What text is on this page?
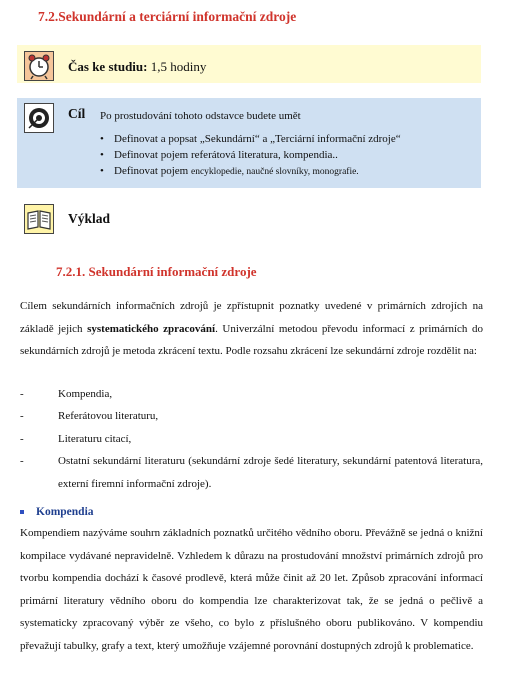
7.2.Sekundární a terciární informační zdroje
Čas ke studiu: 1,5 hodiny
Cíl Po prostudování tohoto odstavce budete umět
• Definovat a popsat „Sekundární“ a „Terciární informační zdroje“
• Definovat pojem referátová literatura, kompendia..
• Definovat pojem encyklopedie, naučné slovníky, monografie.
Výklad
7.2.1. Sekundární informační zdroje
Cílem sekundárních informačních zdrojů je zpřístupnit poznatky uvedené v primárních zdrojích na základě jejich systematického zpracování. Univerzální metodou převodu informací z primárních do sekundárních zdrojů je metoda zkrácení textu. Podle rozsahu zkrácení lze sekundární zdroje rozdělit na:
-	Kompendia,
-	Referátovou literaturu,
-	Literaturu citací,
-	Ostatní sekundární literaturu (sekundární zdroje šedé literatury, sekundární patentová literatura, externí firemní informační zdroje).
Kompendia
Kompendiem nazýváme souhrn základních poznatků určitého vědního oboru. Převážně se jedná o knižní kompilace vydávané nepravidelně. Vzhledem k důrazu na prostudování množství primárních zdrojů pro tvorbu kompendia dochází k časové prodlevě, která může činit až 20 let. Způsob zpracování informací primární literatury vědního oboru do kompendia lze charakterizovat tak, že se jedná o pečlivě a systematicky zpracovaný výběr ze všeho, co bylo z příslušného oboru publikováno. V kompendiu převažují tabulky, grafy a text, který umožňuje vzájemné porovnání dostupných zdrojů k problematice.
